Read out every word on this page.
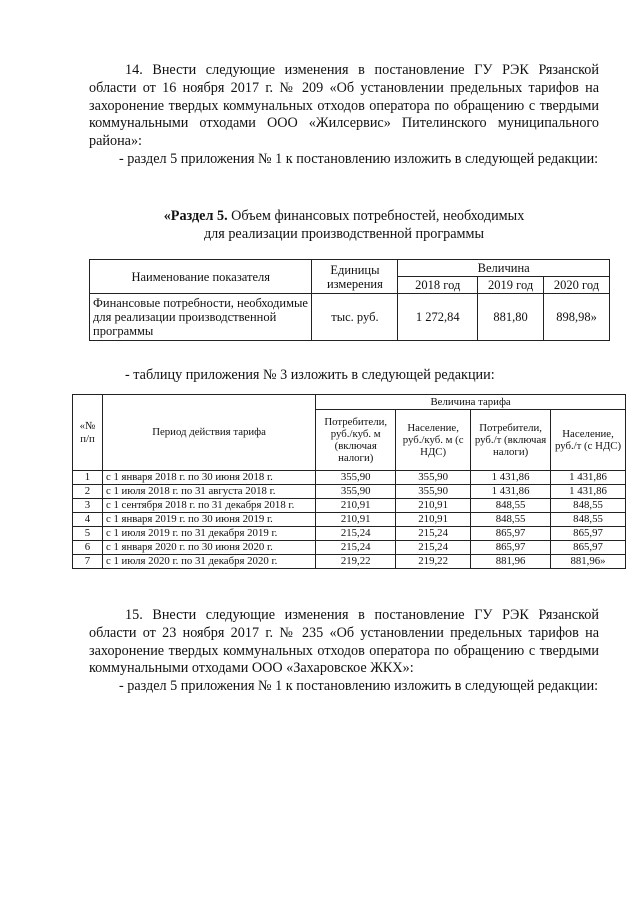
14. Внести следующие изменения в постановление ГУ РЭК Рязанской области от 16 ноября 2017 г. № 209 «Об установлении предельных тарифов на захоронение твердых коммунальных отходов оператора по обращению с твердыми коммунальными отходами ООО «Жилсервис» Пителинского муниципального района»:

- раздел 5 приложения № 1 к постановлению изложить в следующей редакции:

«Раздел 5. Объем финансовых потребностей, необходимых
для реализации производственной программы
Наименование показателя	Единицы измерения	Величина		
		2018 год	2019 год	2020 год
Финансовые потребности, необходимые для реализации производственной программы	тыс. руб.	1 272,84	881,80	898,98»
- таблицу приложения № 3 изложить в следующей редакции:
«№ п/п	Период действия тарифа	Величина тарифа			
		Потребители, руб./куб. м (включая налоги)	Население, руб./куб. м (с НДС)	Потребители, руб./т (включая налоги)	Население, руб./т (с НДС)
1	с 1 января 2018 г. по 30 июня 2018 г.	355,90	355,90	1 431,86	1 431,86
2	с 1 июля 2018 г. по 31 августа 2018 г.	355,90	355,90	1 431,86	1 431,86
3	с 1 сентября 2018 г. по 31 декабря 2018 г.	210,91	210,91	848,55	848,55
4	с 1 января 2019 г. по 30 июня 2019 г.	210,91	210,91	848,55	848,55
5	с 1 июля 2019 г. по 31 декабря 2019 г.	215,24	215,24	865,97	865,97
6	с 1 января 2020 г. по 30 июня 2020 г.	215,24	215,24	865,97	865,97
7	с 1 июля 2020 г. по 31 декабря 2020 г.	219,22	219,22	881,96	881,96»

15. Внести следующие изменения в постановление ГУ РЭК Рязанской области от 23 ноября 2017 г. № 235 «Об установлении предельных тарифов на захоронение твердых коммунальных отходов оператора по обращению с твердыми коммунальными отходами ООО «Захаровское ЖКХ»:

- раздел 5 приложения № 1 к постановлению изложить в следующей редакции:
